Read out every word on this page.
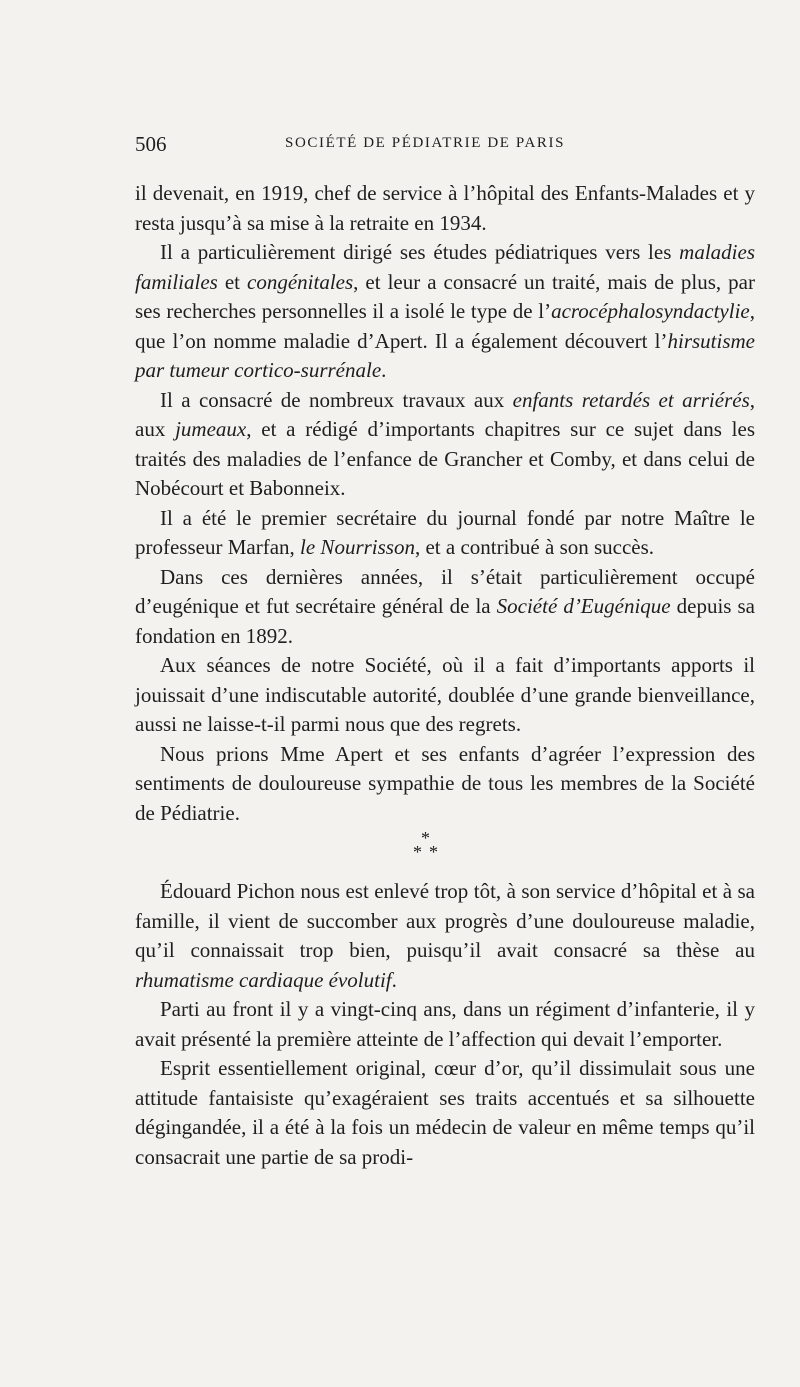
506	SOCIÉTÉ DE PÉDIATRIE DE PARIS

il devenait, en 1919, chef de service à l’hôpital des Enfants-Malades et y resta jusqu’à sa mise à la retraite en 1934.

Il a particulièrement dirigé ses études pédiatriques vers les maladies familiales et congénitales, et leur a consacré un traité, mais de plus, par ses recherches personnelles il a isolé le type de l’acrocéphalosyndactylie, que l’on nomme maladie d’Apert. Il a également découvert l’hirsutisme par tumeur cortico-surrénale.

Il a consacré de nombreux travaux aux enfants retardés et arriérés, aux jumeaux, et a rédigé d’importants chapitres sur ce sujet dans les traités des maladies de l’enfance de Grancher et Comby, et dans celui de Nobécourt et Babonneix.

Il a été le premier secrétaire du journal fondé par notre Maître le professeur Marfan, le Nourrisson, et a contribué à son succès.

Dans ces dernières années, il s’était particulièrement occupé d’eugénique et fut secrétaire général de la Société d’Eugénique depuis sa fondation en 1892.

Aux séances de notre Société, où il a fait d’importants apports il jouissait d’une indiscutable autorité, doublée d’une grande bienveillance, aussi ne laisse-t-il parmi nous que des regrets.

Nous prions Mme Apert et ses enfants d’agréer l’expression des sentiments de douloureuse sympathie de tous les membres de la Société de Pédiatrie.

*
* *

Édouard Pichon nous est enlevé trop tôt, à son service d’hôpital et à sa famille, il vient de succomber aux progrès d’une douloureuse maladie, qu’il connaissait trop bien, puisqu’il avait consacré sa thèse au rhumatisme cardiaque évolutif.

Parti au front il y a vingt-cinq ans, dans un régiment d’infanterie, il y avait présenté la première atteinte de l’affection qui devait l’emporter.

Esprit essentiellement original, cœur d’or, qu’il dissimulait sous une attitude fantaisiste qu’exagéraient ses traits accentués et sa silhouette dégingandée, il a été à la fois un médecin de valeur en même temps qu’il consacrait une partie de sa prodi-
